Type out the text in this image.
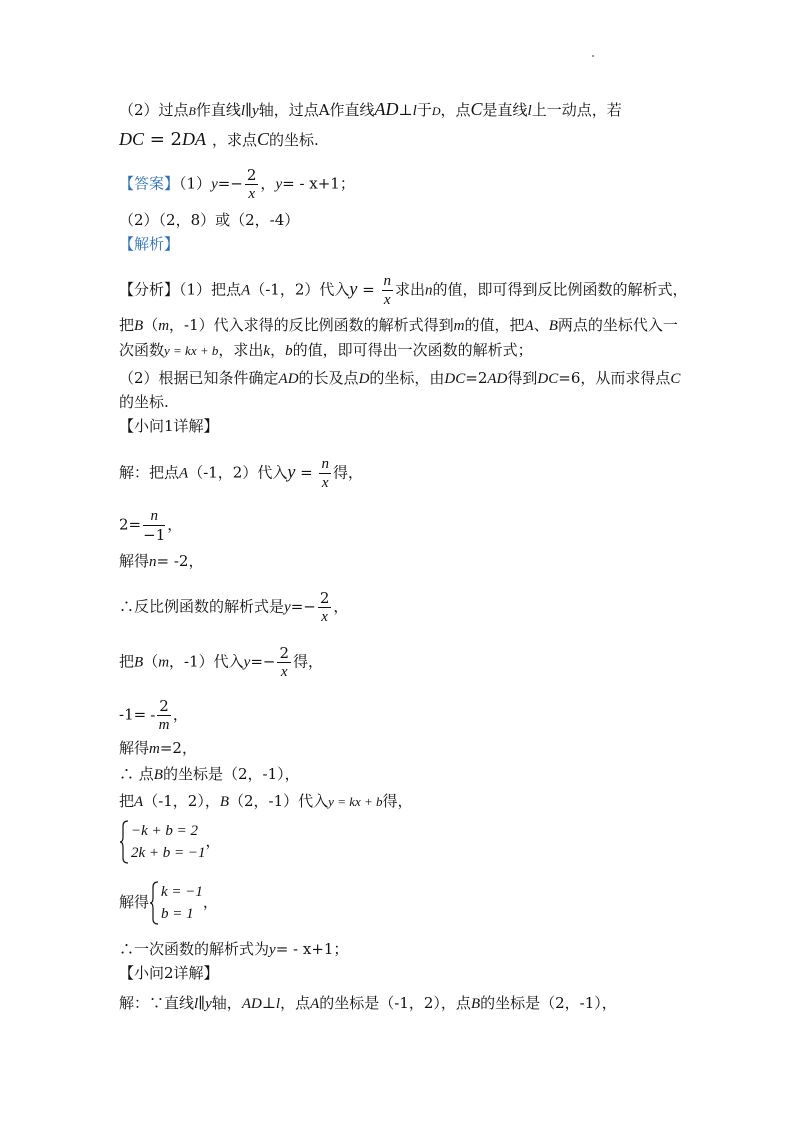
（2）过点B作直线l∥y轴，过点A作直线AD⊥l于D，点C是直线l上一动点，若
DC = 2DA ，求点C的坐标.
【答案】$(1)y=- \frac{2}{x}$ ，y= - x+1；
（2）（2，8）或（2，-4）
【解析】
【分析】（1）把点A（-1，2）代入$y = \frac{n}{x}$ 求出n的值，即可得到反比例函数的解析式，
把B（m，-1）代入求得的反比例函数的解析式得到m的值，把A、B两点的坐标代入一
次函数y = kx + b，求出k，b的值，即可得出一次函数的解析式；
（2）根据已知条件确定AD的长及点D的坐标，由DC=2AD得到DC=6，从而求得点C
的坐标.
【小问1详解】
解：把点A（-1，2）代入$y = \frac{n}{x}$ 得，
$2= \frac{n}{-1}$ ，
解得n= -2，
∴反比例函数的解析式是$y=- \frac{2}{x}$ ，
把B（m，-1）代入$y=- \frac{2}{x}$ 得，
$-1= - \frac{2}{m}$ ，
解得m=2，
∴ 点B的坐标是（2，-1），
把A（-1，2），B（2，-1）代入y = kx + b得，
−k + b = 2
2k + b = −1
，
解得
k = −1
b = 1
，
∴一次函数的解析式为y= - x+1；
【小问2详解】
解：∵直线l∥y轴，AD⊥l，点A的坐标是（-1，2），点B的坐标是（2，-1），
